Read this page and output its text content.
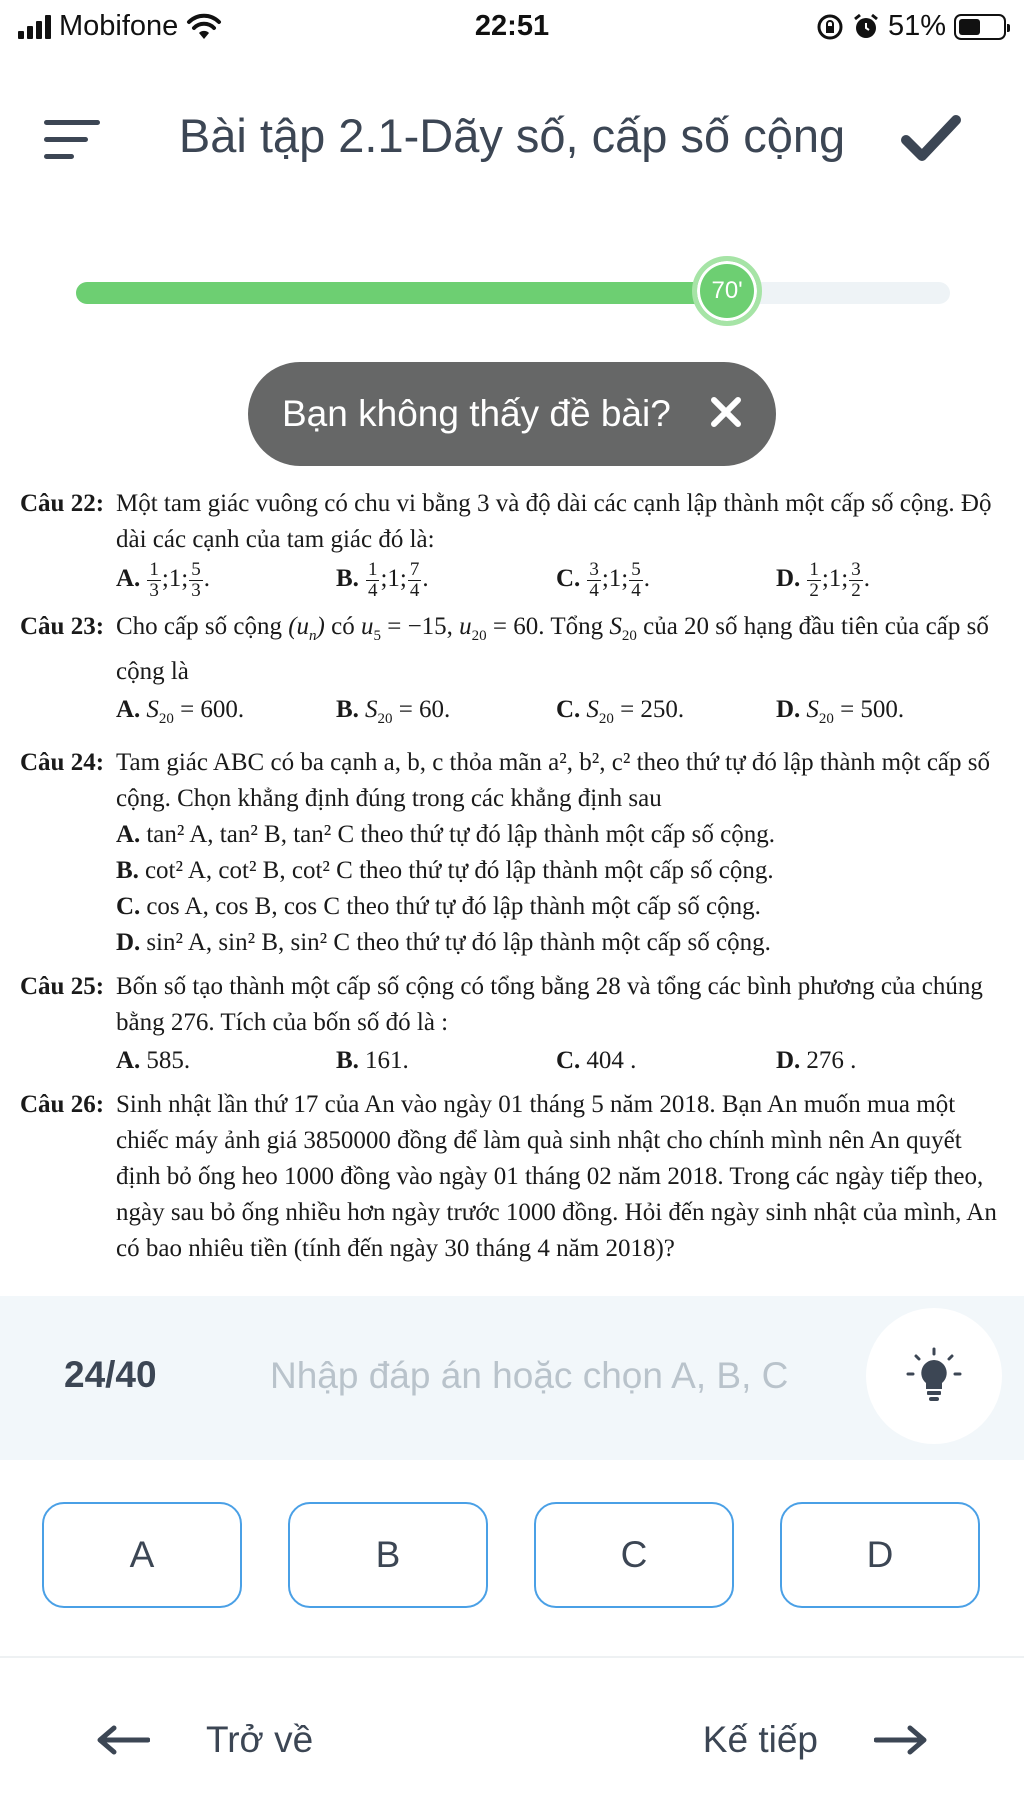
Mobifone	22:51	51%
Bài tập 2.1-Dãy số, cấp số cộng
70'
Bạn không thấy đề bài?
Câu 22: Một tam giác vuông có chu vi bằng 3 và độ dài các cạnh lập thành một cấp số cộng. Độ dài các cạnh của tam giác đó là:
A. $\frac{1}{3}$ ;1; $\frac{5}{3}$ .	B. $\frac{1}{4}$ ;1; $\frac{7}{4}$ .	C. $\frac{3}{4}$ ;1; $\frac{5}{4}$ .	D. $\frac{1}{2}$ ;1; $\frac{3}{2}$ .
Câu 23: Cho cấp số cộng $(u_n)$ có $u_5 = -15$, $u_{20} = 60$. Tổng $S_{20}$ của 20 số hạng đầu tiên của cấp số cộng là
A. $S_{20} = 600$.	B. $S_{20} = 60$.	C. $S_{20} = 250$.	D. $S_{20} = 500$.
Câu 24: Tam giác ABC có ba cạnh a, b, c thỏa mãn a², b², c² theo thứ tự đó lập thành một cấp số cộng. Chọn khẳng định đúng trong các khẳng định sau
A. tan² A, tan² B, tan² C theo thứ tự đó lập thành một cấp số cộng.
B. cot² A, cot² B, cot² C theo thứ tự đó lập thành một cấp số cộng.
C. cos A, cos B, cos C theo thứ tự đó lập thành một cấp số cộng.
D. sin² A, sin² B, sin² C theo thứ tự đó lập thành một cấp số cộng.
Câu 25: Bốn số tạo thành một cấp số cộng có tổng bằng 28 và tổng các bình phương của chúng bằng 276. Tích của bốn số đó là :
A. 585.	B. 161.	C. 404 .	D. 276 .
Câu 26: Sinh nhật lần thứ 17 của An vào ngày 01 tháng 5 năm 2018. Bạn An muốn mua một chiếc máy ảnh giá 3850000 đồng để làm quà sinh nhật cho chính mình nên An quyết định bỏ ống heo 1000 đồng vào ngày 01 tháng 02 năm 2018. Trong các ngày tiếp theo, ngày sau bỏ ống nhiều hơn ngày trước 1000 đồng. Hỏi đến ngày sinh nhật của mình, An có bao nhiêu tiền (tính đến ngày 30 tháng 4 năm 2018)?
24/40
Nhập đáp án hoặc chọn A, B, C
A	B	C	D
Trở về	Kế tiếp
